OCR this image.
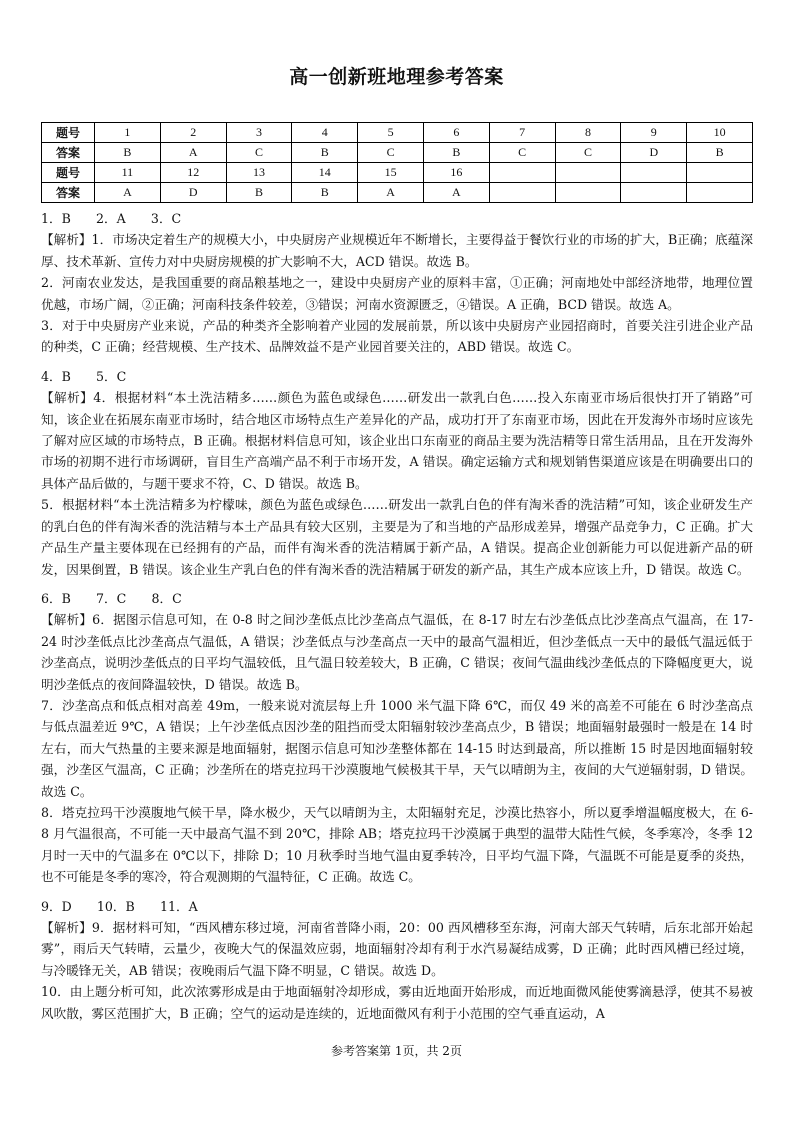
高一创新班地理参考答案
题号	1	2	3	4	5	6	7	8	9	10
答案	B	A	C	B	C	B	C	C	D	B
题号	11	12	13	14	15	16				
答案	A	D	B	B	A	A				

1．B　　2．A　　3．C

【解析】1．市场决定着生产的规模大小，中央厨房产业规模近年不断增长，主要得益于餐饮行业的市场的扩大，B正确；底蕴深厚、技术革新、宣传力对中央厨房规模的扩大影响不大，ACD 错误。故选 B。

2．河南农业发达，是我国重要的商品粮基地之一，建设中央厨房产业的原料丰富，①正确；河南地处中部经济地带，地理位置优越，市场广阔，②正确；河南科技条件较差，③错误；河南水资源匮乏，④错误。A 正确，BCD 错误。故选 A。

3．对于中央厨房产业来说，产品的种类齐全影响着产业园的发展前景，所以该中央厨房产业园招商时，首要关注引进企业产品的种类，C 正确；经营规模、生产技术、品牌效益不是产业园首要关注的，ABD 错误。故选 C。

4．B　　5．C

【解析】4．根据材料“本土洗洁精多……颜色为蓝色或绿色……研发出一款乳白色……投入东南亚市场后很快打开了销路”可知，该企业在拓展东南亚市场时，结合地区市场特点生产差异化的产品，成功打开了东南亚市场，因此在开发海外市场时应该先了解对应区域的市场特点，B 正确。根据材料信息可知，该企业出口东南亚的商品主要为洗洁精等日常生活用品，且在开发海外市场的初期不进行市场调研，盲目生产高端产品不利于市场开发，A 错误。确定运输方式和规划销售渠道应该是在明确要出口的具体产品后做的，与题干要求不符，C、D 错误。故选 B。

5．根据材料“本土洗洁精多为柠檬味，颜色为蓝色或绿色……研发出一款乳白色的伴有淘米香的洗洁精”可知，该企业研发生产的乳白色的伴有淘米香的洗洁精与本土产品具有较大区别，主要是为了和当地的产品形成差异，增强产品竞争力，C 正确。扩大产品生产量主要体现在已经拥有的产品，而伴有淘米香的洗洁精属于新产品，A 错误。提高企业创新能力可以促进新产品的研发，因果倒置，B 错误。该企业生产乳白色的伴有淘米香的洗洁精属于研发的新产品，其生产成本应该上升，D 错误。故选 C。

6．B　　7．C　　8．C

【解析】6．据图示信息可知，在 0-8 时之间沙垄低点比沙垄高点气温低，在 8-17 时左右沙垄低点比沙垄高点气温高，在 17-24 时沙垄低点比沙垄高点气温低，A 错误；沙垄低点与沙垄高点一天中的最高气温相近，但沙垄低点一天中的最低气温远低于沙垄高点，说明沙垄低点的日平均气温较低，且气温日较差较大，B 正确，C 错误；夜间气温曲线沙垄低点的下降幅度更大，说明沙垄低点的夜间降温较快，D 错误。故选 B。

7．沙垄高点和低点相对高差 49m，一般来说对流层每上升 1000 米气温下降 6℃，而仅 49 米的高差不可能在 6 时沙垄高点与低点温差近 9℃，A 错误；上午沙垄低点因沙垄的阻挡而受太阳辐射较沙垄高点少，B 错误；地面辐射最强时一般是在 14 时左右，而大气热量的主要来源是地面辐射，据图示信息可知沙垄整体都在 14-15 时达到最高，所以推断 15 时是因地面辐射较强，沙垄区气温高，C 正确；沙垄所在的塔克拉玛干沙漠腹地气候极其干旱，天气以晴朗为主，夜间的大气逆辐射弱，D 错误。故选 C。

8．塔克拉玛干沙漠腹地气候干旱，降水极少，天气以晴朗为主，太阳辐射充足，沙漠比热容小，所以夏季增温幅度极大，在 6-8 月气温很高，不可能一天中最高气温不到 20℃，排除 AB；塔克拉玛干沙漠属于典型的温带大陆性气候，冬季寒冷，冬季 12 月时一天中的气温多在 0℃以下，排除 D；10 月秋季时当地气温由夏季转冷，日平均气温下降，气温既不可能是夏季的炎热，也不可能是冬季的寒冷，符合观测期的气温特征，C 正确。故选 C。

9．D　　10．B　　11．A

【解析】9．据材料可知，“西风槽东移过境，河南省普降小雨，20：00 西风槽移至东海，河南大部天气转晴，后东北部开始起雾”，雨后天气转晴，云量少，夜晚大气的保温效应弱，地面辐射冷却有利于水汽易凝结成雾，D 正确；此时西风槽已经过境，与冷暖锋无关，AB 错误；夜晚雨后气温下降不明显，C 错误。故选 D。

10．由上题分析可知，此次浓雾形成是由于地面辐射冷却形成，雾由近地面开始形成，而近地面微风能使雾滴悬浮，使其不易被风吹散，雾区范围扩大，B 正确；空气的运动是连续的，近地面微风有利于小范围的空气垂直运动，A

参考答案第 1页，共 2页
